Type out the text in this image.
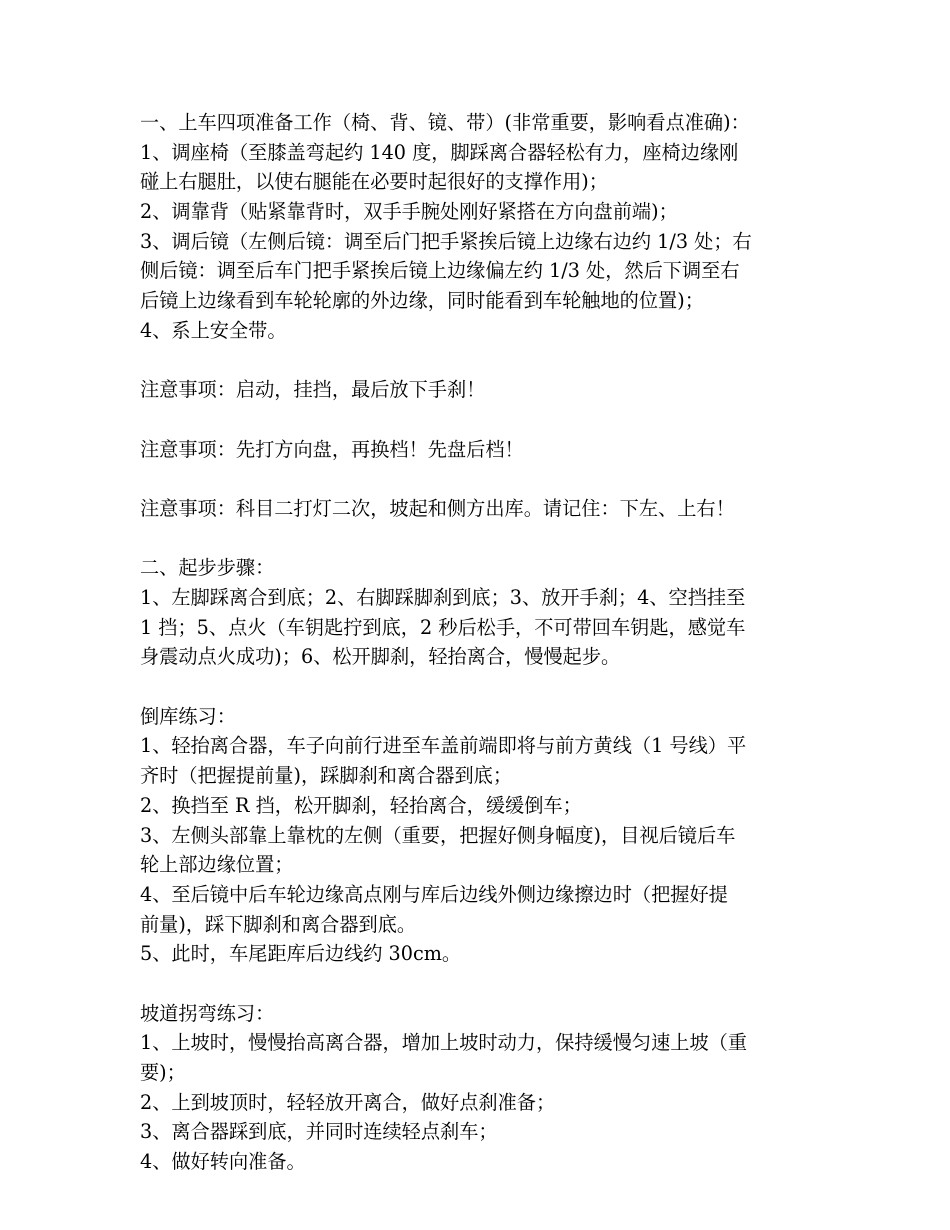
一、上车四项准备工作（椅、背、镜、带）(非常重要，影响看点准确)：
1、调座椅（至膝盖弯起约 140 度，脚踩离合器轻松有力，座椅边缘刚
碰上右腿肚，以使右腿能在必要时起很好的支撑作用)；
2、调靠背（贴紧靠背时，双手手腕处刚好紧搭在方向盘前端)；
3、调后镜（左侧后镜：调至后门把手紧挨后镜上边缘右边约 1/3 处；右
侧后镜：调至后车门把手紧挨后镜上边缘偏左约 1/3 处，然后下调至右
后镜上边缘看到车轮轮廓的外边缘，同时能看到车轮触地的位置)；
4、系上安全带。
注意事项：启动，挂挡，最后放下手刹！
注意事项：先打方向盘，再换档！先盘后档！
注意事项：科目二打灯二次，坡起和侧方出库。请记住：下左、上右！
二、起步步骤：
1、左脚踩离合到底；2、右脚踩脚刹到底；3、放开手刹；4、空挡挂至
1 挡；5、点火（车钥匙拧到底，2 秒后松手，不可带回车钥匙，感觉车
身震动点火成功)；6、松开脚刹，轻抬离合，慢慢起步。
倒库练习：
1、轻抬离合器，车子向前行进至车盖前端即将与前方黄线（1 号线）平
齐时（把握提前量)，踩脚刹和离合器到底；
2、换挡至 R 挡，松开脚刹，轻抬离合，缓缓倒车；
3、左侧头部靠上靠枕的左侧（重要，把握好侧身幅度)，目视后镜后车
轮上部边缘位置；
4、至后镜中后车轮边缘高点刚与库后边线外侧边缘擦边时（把握好提
前量)，踩下脚刹和离合器到底。
5、此时，车尾距库后边线约 30cm。
坡道拐弯练习：
1、上坡时，慢慢抬高离合器，增加上坡时动力，保持缓慢匀速上坡（重
要)；
2、上到坡顶时，轻轻放开离合，做好点刹准备；
3、离合器踩到底，并同时连续轻点刹车；
4、做好转向准备。
